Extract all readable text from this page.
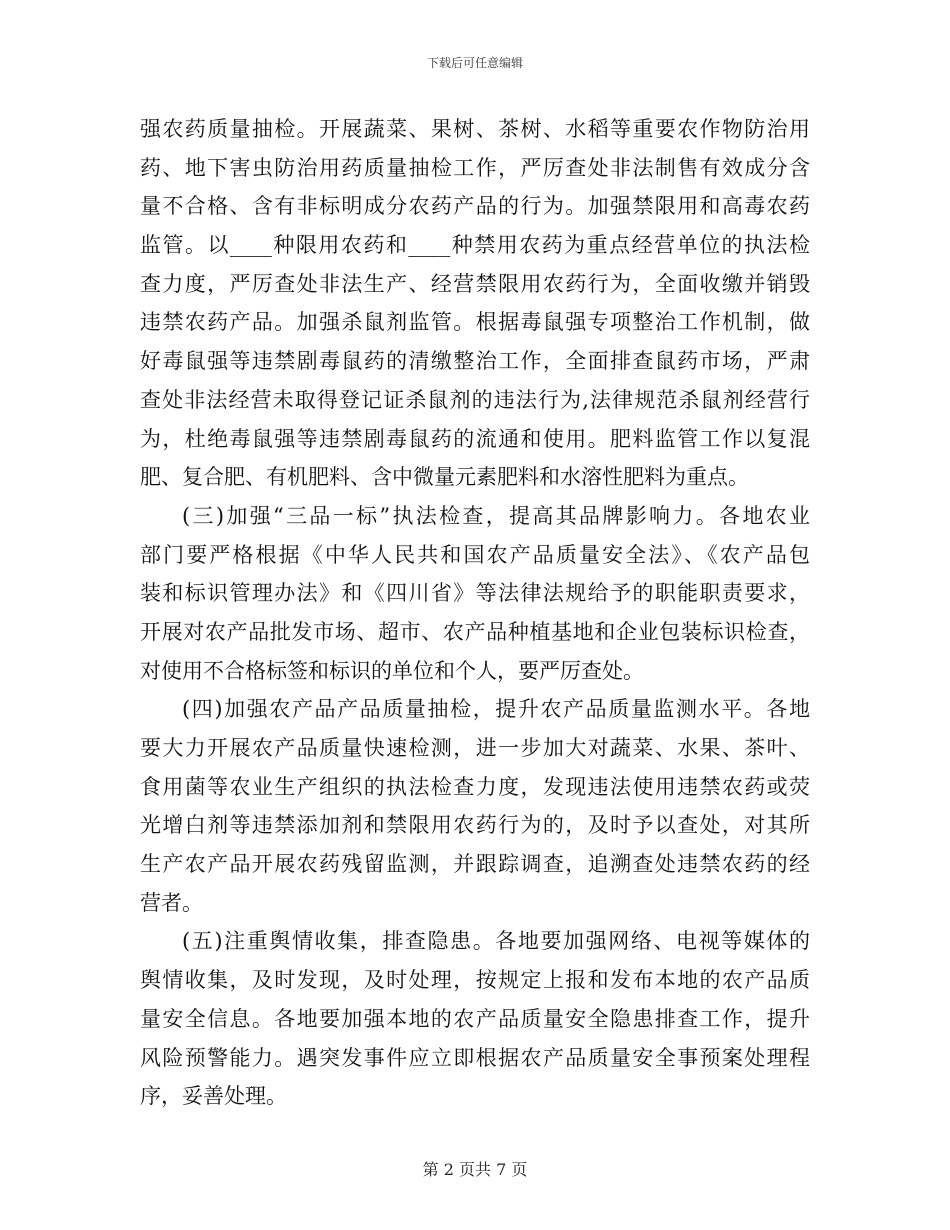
下载后可任意编辑
强农药质量抽检。开展蔬菜、果树、茶树、水稻等重要农作物防治用
药、地下害虫防治用药质量抽检工作，严厉查处非法制售有效成分含
量不合格、含有非标明成分农药产品的行为。加强禁限用和高毒农药
监管。以____种限用农药和____种禁用农药为重点经营单位的执法检
查力度，严厉查处非法生产、经营禁限用农药行为，全面收缴并销毁
违禁农药产品。加强杀鼠剂监管。根据毒鼠强专项整治工作机制，做
好毒鼠强等违禁剧毒鼠药的清缴整治工作，全面排查鼠药市场，严肃
查处非法经营未取得登记证杀鼠剂的违法行为,法律规范杀鼠剂经营行
为，杜绝毒鼠强等违禁剧毒鼠药的流通和使用。肥料监管工作以复混
肥、复合肥、有机肥料、含中微量元素肥料和水溶性肥料为重点。
(三)加强“三品一标”执法检查，提高其品牌影响力。各地农业
部门要严格根据《中华人民共和国农产品质量安全法》、《农产品包
装和标识管理办法》和《四川省》等法律法规给予的职能职责要求，
开展对农产品批发市场、超市、农产品种植基地和企业包装标识检查，
对使用不合格标签和标识的单位和个人，要严厉查处。
(四)加强农产品产品质量抽检，提升农产品质量监测水平。各地
要大力开展农产品质量快速检测，进一步加大对蔬菜、水果、茶叶、
食用菌等农业生产组织的执法检查力度，发现违法使用违禁农药或荧
光增白剂等违禁添加剂和禁限用农药行为的，及时予以查处，对其所
生产农产品开展农药残留监测，并跟踪调查，追溯查处违禁农药的经
营者。
(五)注重舆情收集，排查隐患。各地要加强网络、电视等媒体的
舆情收集，及时发现，及时处理，按规定上报和发布本地的农产品质
量安全信息。各地要加强本地的农产品质量安全隐患排查工作，提升
风险预警能力。遇突发事件应立即根据农产品质量安全事预案处理程
序，妥善处理。
第 2 页共 7 页
